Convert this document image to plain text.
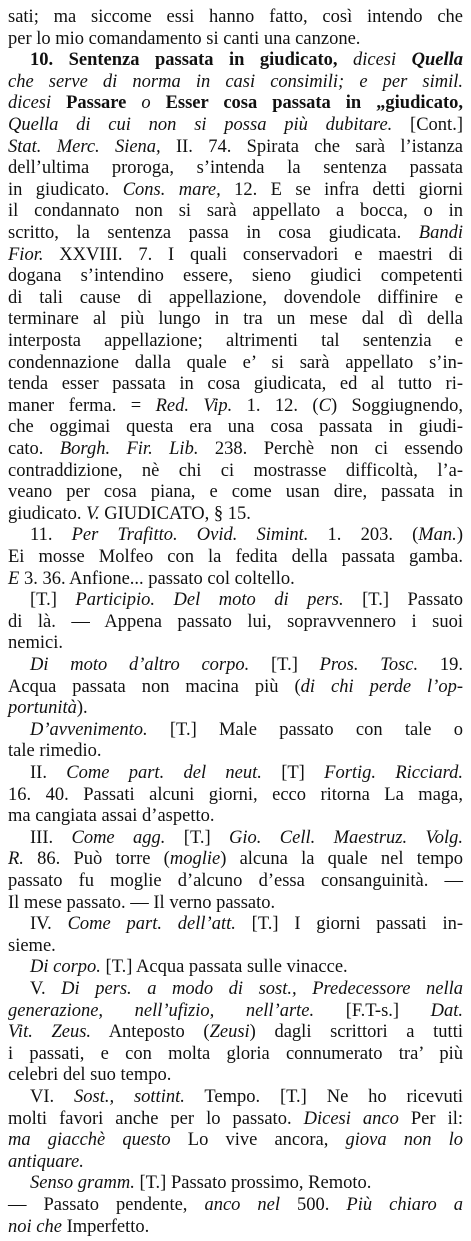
sati; ma siccome essi hanno fatto, così intendo che
per lo mio comandamento si canti una canzone.
10. Sentenza passata in giudicato, dicesi Quella
che serve di norma in casi consimili; e per simil.
dicesi Passare o Esser cosa passata in „giudicato,
Quella di cui non si possa più dubitare. [Cont.]
Stat. Merc. Siena, II. 74. Spirata che sarà l’istanza
dell’ultima proroga, s’intenda la sentenza passata
in giudicato. Cons. mare, 12. E se infra detti giorni
il condannato non si sarà appellato a bocca, o in
scritto, la sentenza passa in cosa giudicata. Bandi
Fior. XXVIII. 7. I quali conservadori e maestri di
dogana s’intendino essere, sieno giudici competenti
di tali cause di appellazione, dovendole diffinire e
terminare al più lungo in tra un mese dal dì della
interposta appellazione; altrimenti tal sentenzia e
condennazione dalla quale e’ si sarà appellato s’in-
tenda esser passata in cosa giudicata, ed al tutto ri-
maner ferma. = Red. Vip. 1. 12. (C) Soggiugnendo,
che oggimai questa era una cosa passata in giudi-
cato. Borgh. Fir. Lib. 238. Perchè non ci essendo
contraddizione, nè chi ci mostrasse difficoltà, l’a-
veano per cosa piana, e come usan dire, passata in
giudicato. V. GIUDICATO, § 15.
11. Per Trafitto. Ovid. Simint. 1. 203. (Man.)
Ei mosse Molfeo con la fedita della passata gamba.
E 3. 36. Anfione... passato col coltello.
[T.] Participio. Del moto di pers. [T.] Passato
di là. — Appena passato lui, sopravvennero i suoi
nemici.
Di moto d’altro corpo. [T.] Pros. Tosc. 19.
Acqua passata non macina più (di chi perde l’op-
portunità).
D’avvenimento. [T.] Male passato con tale o
tale rimedio.
II. Come part. del neut. [T] Fortig. Ricciard.
16. 40. Passati alcuni giorni, ecco ritorna La maga,
ma cangiata assai d’aspetto.
III. Come agg. [T.] Gio. Cell. Maestruz. Volg.
R. 86. Può torre (moglie) alcuna la quale nel tempo
passato fu moglie d’alcuno d’essa consanguinità. —
Il mese passato. — Il verno passato.
IV. Come part. dell’att. [T.] I giorni passati in-
sieme.
Di corpo. [T.] Acqua passata sulle vinacce.
V. Di pers. a modo di sost., Predecessore nella
generazione, nell’ufizio, nell’arte. [F.T-s.] Dat.
Vit. Zeus. Anteposto (Zeusi) dagli scrittori a tutti
i passati, e con molta gloria connumerato tra’ più
celebri del suo tempo.
VI. Sost., sottint. Tempo. [T.] Ne ho ricevuti
molti favori anche per lo passato. Dicesi anco Per il:
ma giacchè questo Lo vive ancora, giova non lo
antiquare.
Senso gramm. [T.] Passato prossimo, Remoto.
— Passato pendente, anco nel 500. Più chiaro a
noi che Imperfetto.
